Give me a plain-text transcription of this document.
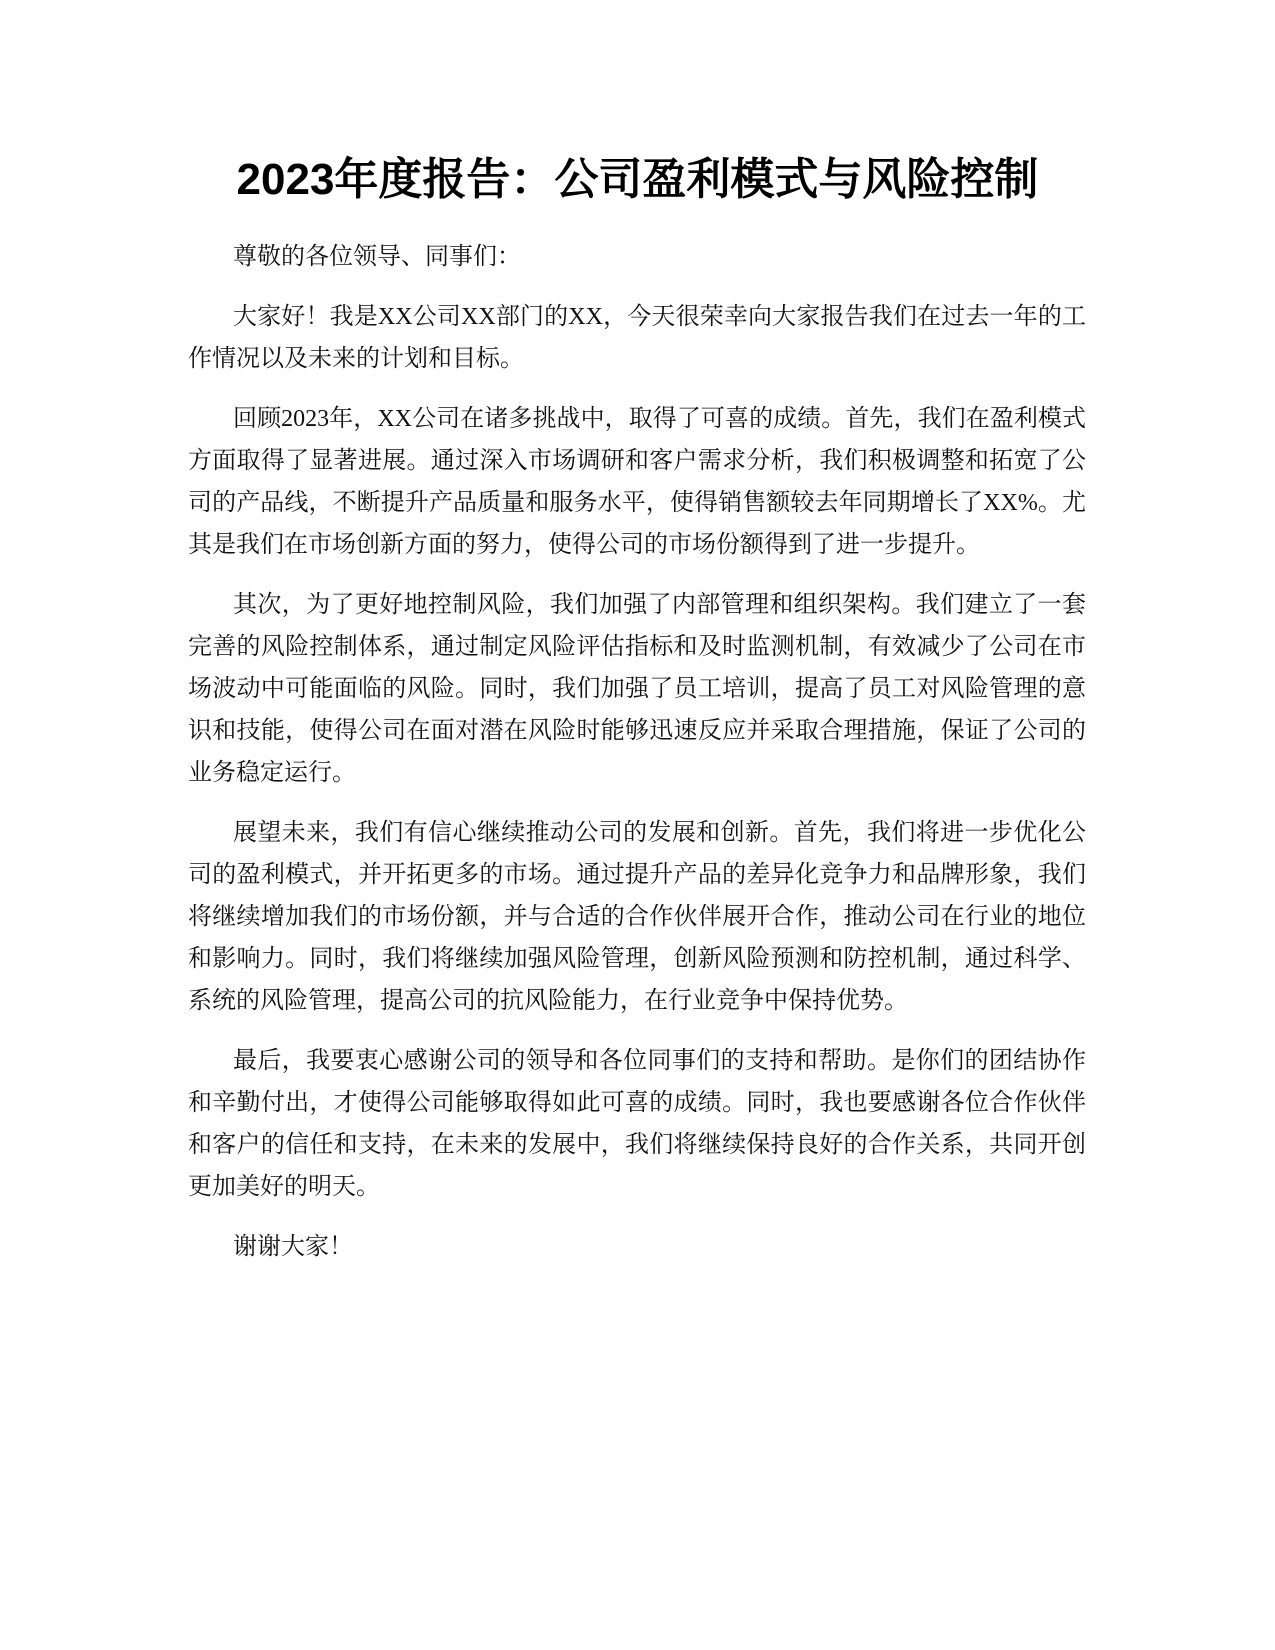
2023年度报告：公司盈利模式与风险控制

尊敬的各位领导、同事们：

大家好！我是XX公司XX部门的XX，今天很荣幸向大家报告我们在过去一年的工作情况以及未来的计划和目标。

回顾2023年，XX公司在诸多挑战中，取得了可喜的成绩。首先，我们在盈利模式方面取得了显著进展。通过深入市场调研和客户需求分析，我们积极调整和拓宽了公司的产品线，不断提升产品质量和服务水平，使得销售额较去年同期增长了XX%。尤其是我们在市场创新方面的努力，使得公司的市场份额得到了进一步提升。

其次，为了更好地控制风险，我们加强了内部管理和组织架构。我们建立了一套完善的风险控制体系，通过制定风险评估指标和及时监测机制，有效减少了公司在市场波动中可能面临的风险。同时，我们加强了员工培训，提高了员工对风险管理的意识和技能，使得公司在面对潜在风险时能够迅速反应并采取合理措施，保证了公司的业务稳定运行。

展望未来，我们有信心继续推动公司的发展和创新。首先，我们将进一步优化公司的盈利模式，并开拓更多的市场。通过提升产品的差异化竞争力和品牌形象，我们将继续增加我们的市场份额，并与合适的合作伙伴展开合作，推动公司在行业的地位和影响力。同时，我们将继续加强风险管理，创新风险预测和防控机制，通过科学、系统的风险管理，提高公司的抗风险能力，在行业竞争中保持优势。

最后，我要衷心感谢公司的领导和各位同事们的支持和帮助。是你们的团结协作和辛勤付出，才使得公司能够取得如此可喜的成绩。同时，我也要感谢各位合作伙伴和客户的信任和支持，在未来的发展中，我们将继续保持良好的合作关系，共同开创更加美好的明天。

谢谢大家！
